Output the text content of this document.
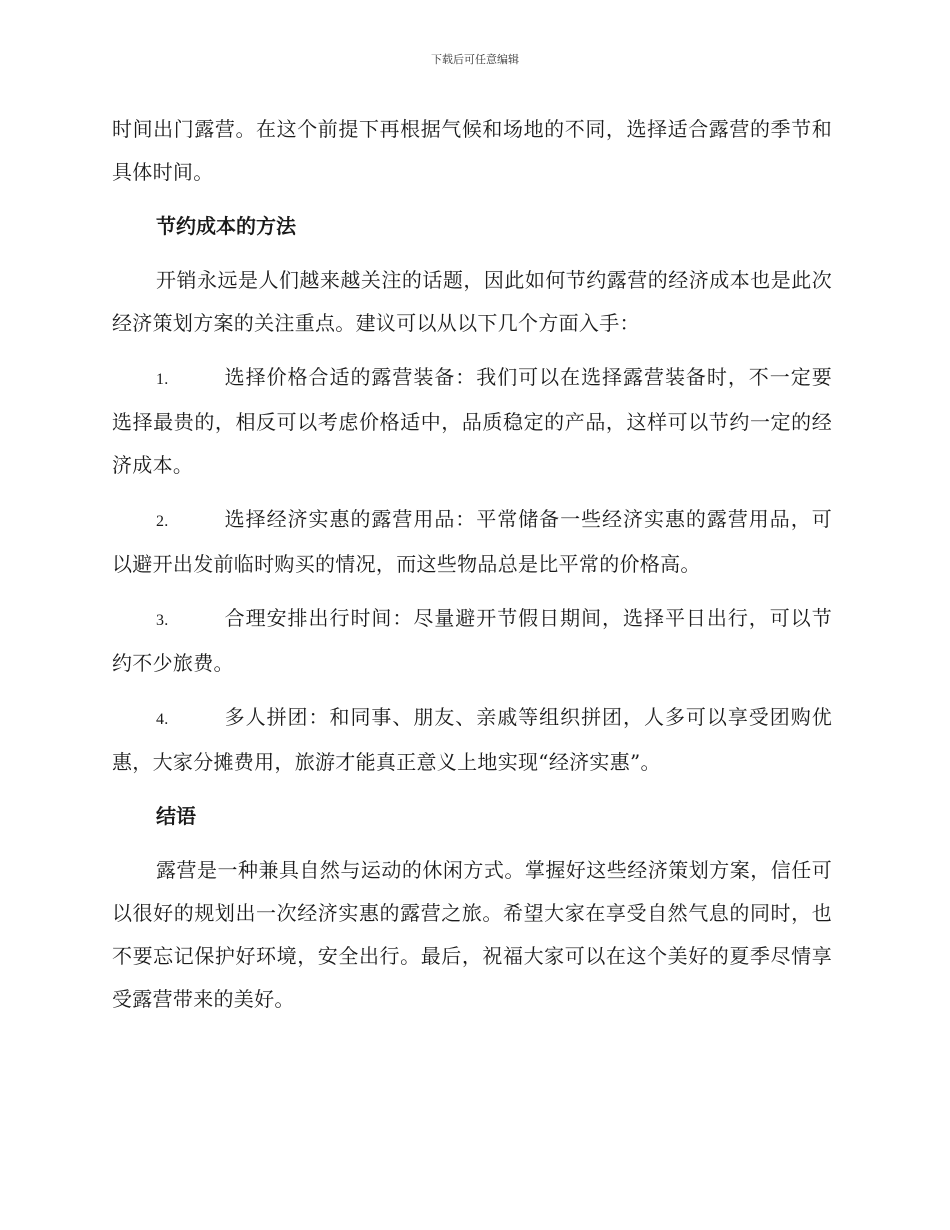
下载后可任意编辑

时间出门露营。在这个前提下再根据气候和场地的不同，选择适合露营的季节和具体时间。

节约成本的方法

开销永远是人们越来越关注的话题，因此如何节约露营的经济成本也是此次经济策划方案的关注重点。建议可以从以下几个方面入手：

1.	选择价格合适的露营装备：我们可以在选择露营装备时，不一定要选择最贵的，相反可以考虑价格适中，品质稳定的产品，这样可以节约一定的经济成本。

2.	选择经济实惠的露营用品：平常储备一些经济实惠的露营用品，可以避开出发前临时购买的情况，而这些物品总是比平常的价格高。

3.	合理安排出行时间：尽量避开节假日期间，选择平日出行，可以节约不少旅费。

4.	多人拼团：和同事、朋友、亲戚等组织拼团，人多可以享受团购优惠，大家分摊费用，旅游才能真正意义上地实现“经济实惠”。

结语

露营是一种兼具自然与运动的休闲方式。掌握好这些经济策划方案，信任可以很好的规划出一次经济实惠的露营之旅。希望大家在享受自然气息的同时，也不要忘记保护好环境，安全出行。最后，祝福大家可以在这个美好的夏季尽情享受露营带来的美好。
